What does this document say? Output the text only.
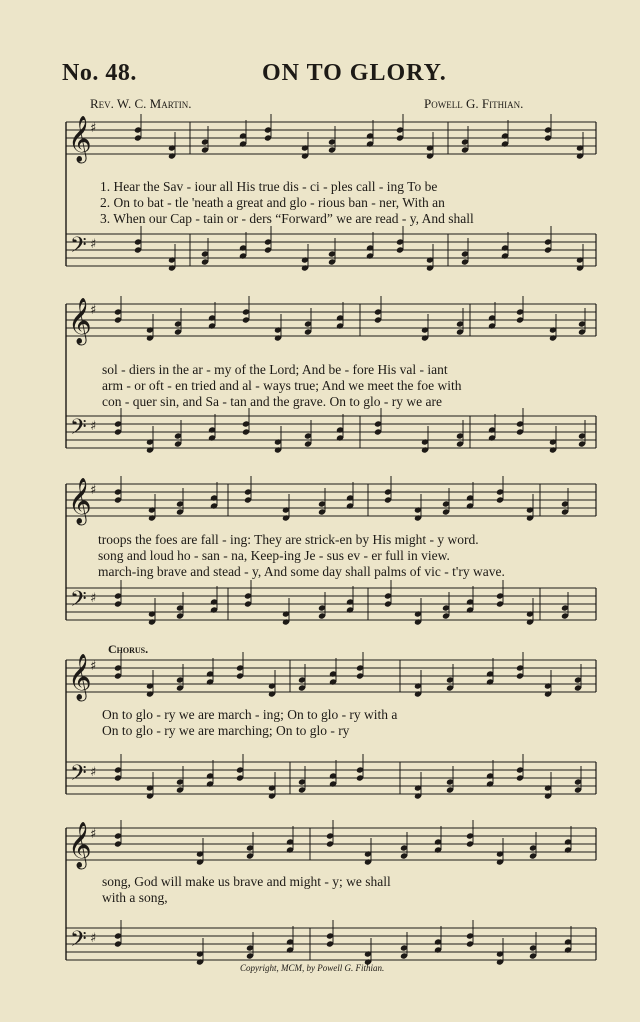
No. 48.	ON TO GLORY.
Rev. W. C. Martin.	Powell G. Fithian.
𝄞
𝄢
♯
♯
𝄞
𝄢
♯
♯
𝄞
𝄢
♯
♯
𝄞
𝄢
♯
♯
𝄞
𝄢
♯
♯
1. Hear the Sav - iour all His true dis - ci - ples call - ing To be
2. On to bat - tle 'neath a great and glo - rious ban - ner, With an
3. When our Cap - tain or - ders “Forward” we are read - y, And shall
sol - diers in the ar - my of the Lord; And be - fore His val - iant
arm - or oft - en tried and al - ways true; And we meet the foe with
con - quer sin, and Sa - tan and the grave. On to glo - ry we are
troops the foes are fall - ing: They are strick-en by His might - y word.
song and loud ho - san - na, Keep-ing Je - sus ev - er full in view.
march-ing brave and stead - y, And some day shall palms of vic - t'ry wave.
Chorus.
On to glo - ry we are march - ing; On to glo - ry with a
On to glo - ry we are marching; On to glo - ry
song, God will make us brave and might - y; we shall
with a song,
Copyright, MCM, by Powell G. Fithian.
